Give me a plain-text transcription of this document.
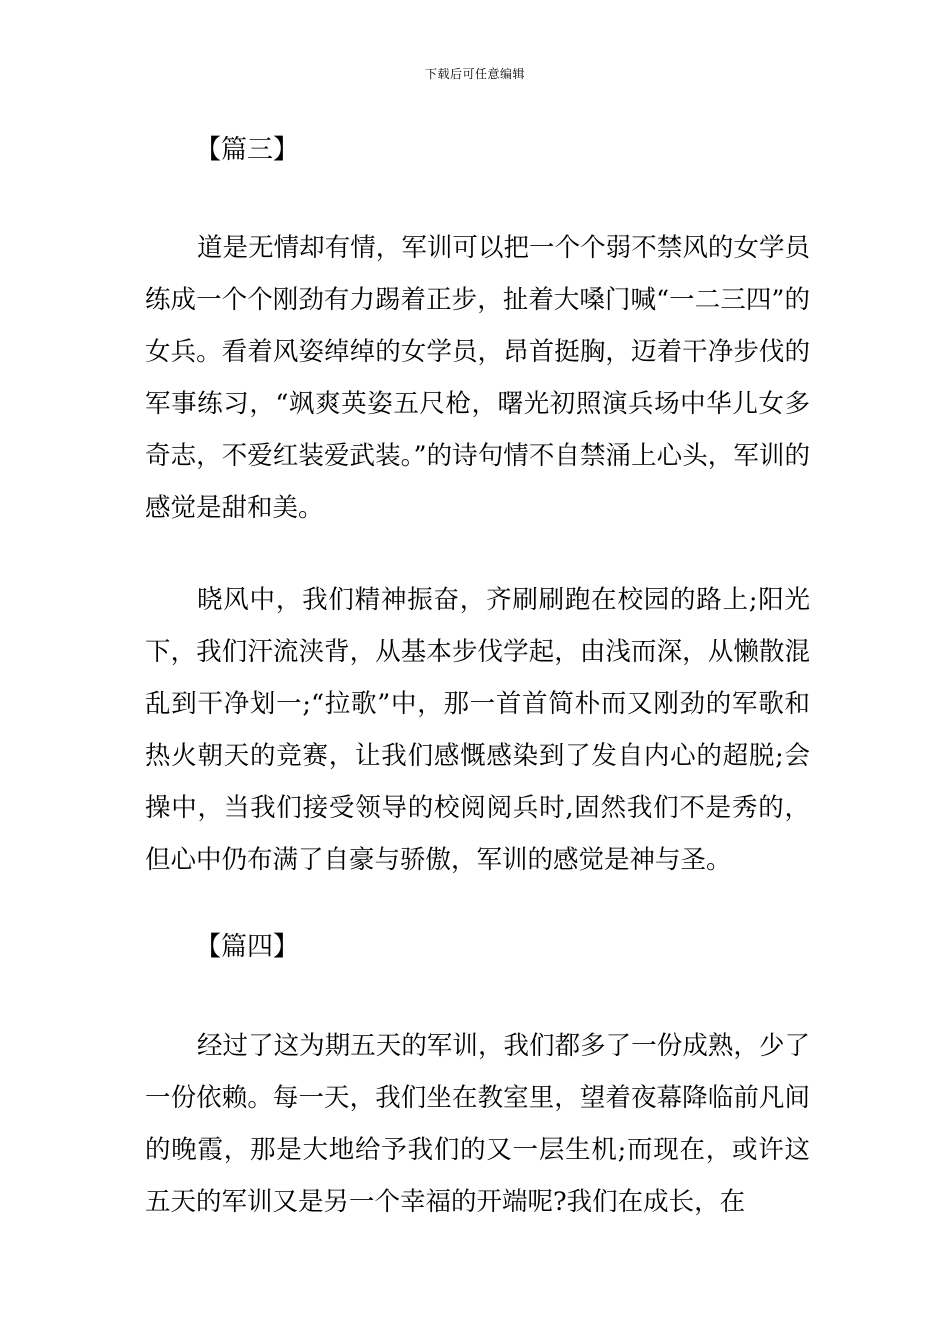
下载后可任意编辑
【篇三】

道是无情却有情，军训可以把一个个弱不禁风的女学员练成一个个刚劲有力踢着正步，扯着大嗓门喊“一二三四”的女兵。看着风姿绰绰的女学员，昂首挺胸，迈着干净步伐的军事练习，“飒爽英姿五尺枪，曙光初照演兵场中华儿女多奇志，不爱红装爱武装。”的诗句情不自禁涌上心头，军训的感觉是甜和美。

晓风中，我们精神振奋，齐刷刷跑在校园的路上;阳光下，我们汗流浃背，从基本步伐学起，由浅而深，从懒散混乱到干净划一;“拉歌”中，那一首首简朴而又刚劲的军歌和热火朝天的竞赛，让我们感慨感染到了发自内心的超脱;会操中，当我们接受领导的校阅阅兵时,固然我们不是秀的，但心中仍布满了自豪与骄傲，军训的感觉是神与圣。

【篇四】

经过了这为期五天的军训，我们都多了一份成熟，少了一份依赖。每一天，我们坐在教室里，望着夜幕降临前凡间的晚霞，那是大地给予我们的又一层生机;而现在，或许这五天的军训又是另一个幸福的开端呢?我们在成长，在
